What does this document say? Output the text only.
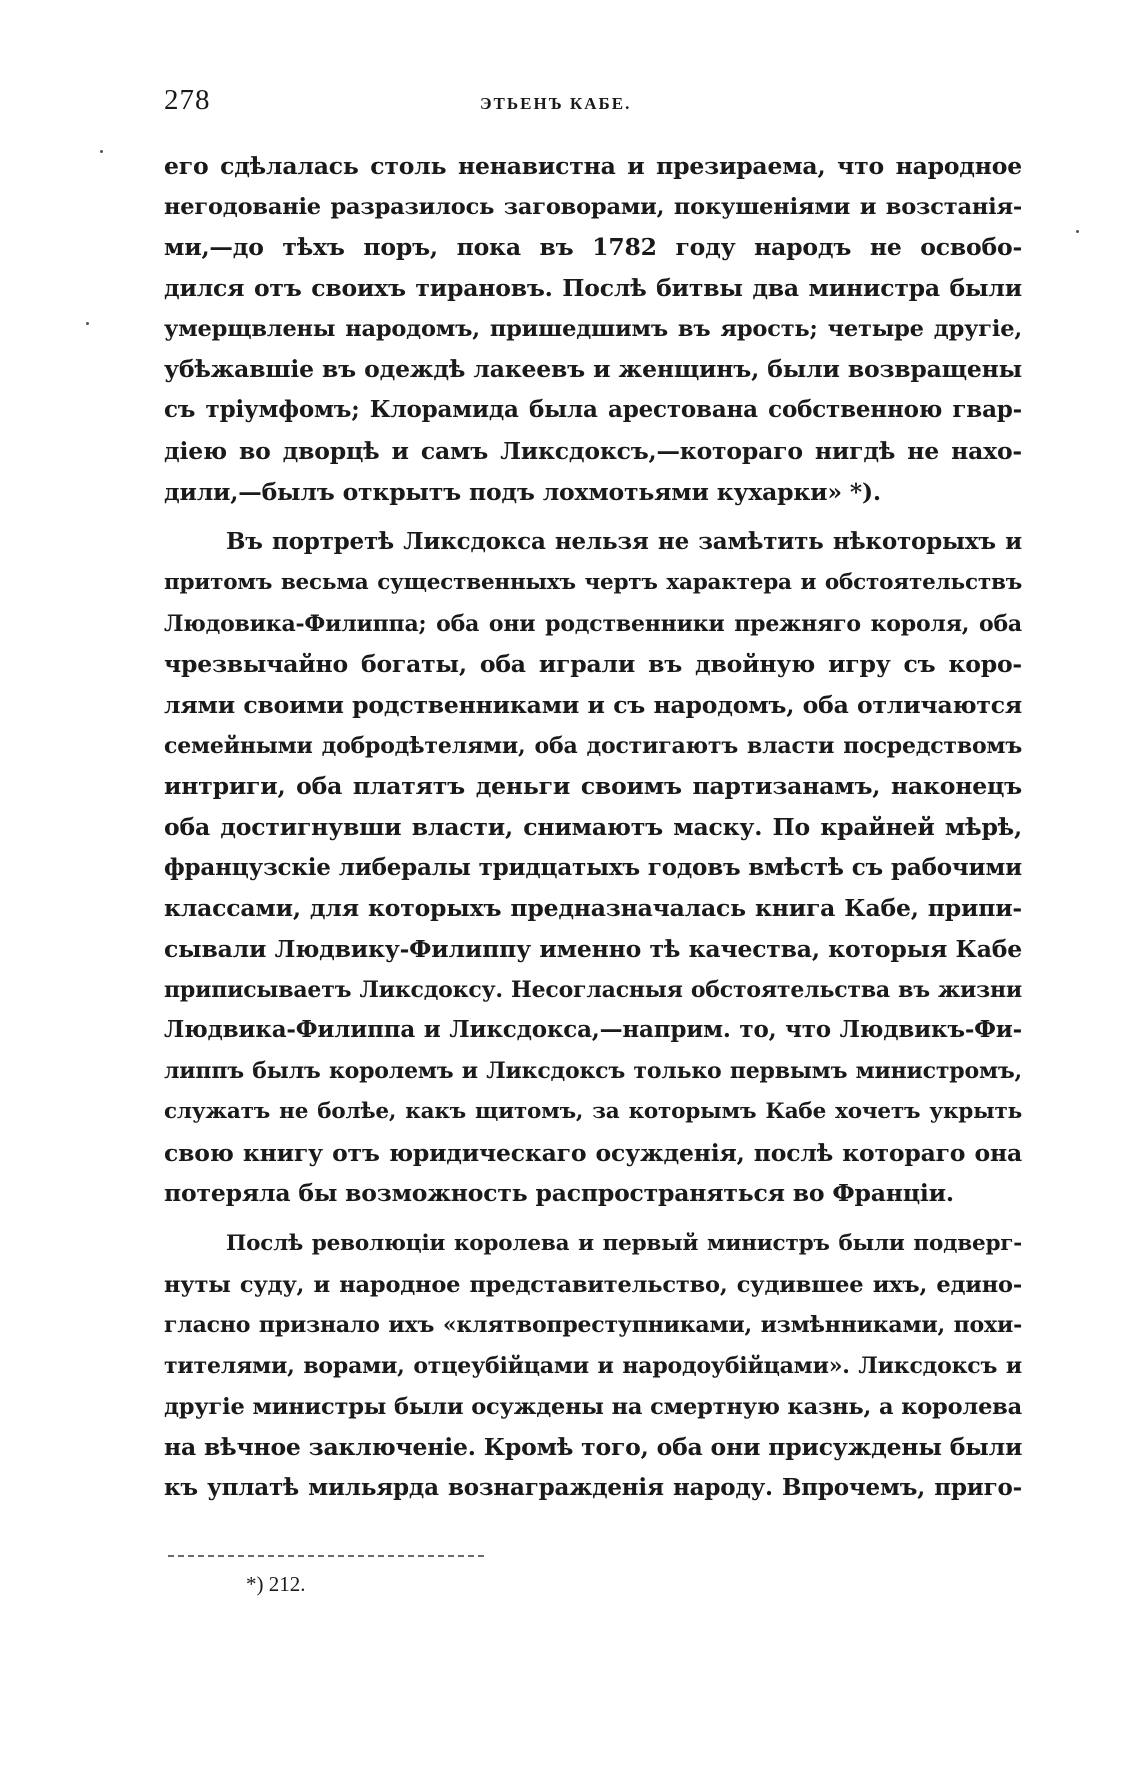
278	ЭТЬЕНЪ КАБЕ.
его сдѣлалась столь ненавистна и презираема, что народное
негодованіе разразилось заговорами, покушеніями и возстанія-
ми,—до тѣхъ поръ, пока въ 1782 году народъ не освобо-
дился отъ своихъ тирановъ. Послѣ битвы два министра были
умерщвлены народомъ, пришедшимъ въ ярость; четыре другіе,
убѣжавшіе въ одеждѣ лакеевъ и женщинъ, были возвращены
съ тріумфомъ; Клорамида была арестована собственною гвар-
діею во дворцѣ и самъ Ликсдоксъ,—котораго нигдѣ не нахо-
дили,—былъ открытъ подъ лохмотьями кухарки» *).
Въ портретѣ Ликсдокса нельзя не замѣтить нѣкоторыхъ и
притомъ весьма существенныхъ чертъ характера и обстоятельствъ
Людовика-Филиппа; оба они родственники прежняго короля, оба
чрезвычайно богаты, оба играли въ двойную игру съ коро-
лями своими родственниками и съ народомъ, оба отличаются
семейными добродѣтелями, оба достигаютъ власти посредствомъ
интриги, оба платятъ деньги своимъ партизанамъ, наконецъ
оба достигнувши власти, снимаютъ маску. По крайней мѣрѣ,
французскіе либералы тридцатыхъ годовъ вмѣстѣ съ рабочими
классами, для которыхъ предназначалась книга Кабе, припи-
сывали Людвику-Филиппу именно тѣ качества, которыя Кабе
приписываетъ Ликсдоксу. Несогласныя обстоятельства въ жизни
Людвика-Филиппа и Ликсдокса,—наприм. то, что Людвикъ-Фи-
липпъ былъ королемъ и Ликсдоксъ только первымъ министромъ,
служатъ не болѣе, какъ щитомъ, за которымъ Кабе хочетъ укрыть
свою книгу отъ юридическаго осужденія, послѣ котораго она
потеряла бы возможность распространяться во Франціи.
Послѣ революціи королева и первый министръ были подверг-
нуты суду, и народное представительство, судившее ихъ, едино-
гласно признало ихъ «клятвопреступниками, измѣнниками, похи-
тителями, ворами, отцеубійцами и народоубійцами». Ликсдоксъ и
другіе министры были осуждены на смертную казнь, а королева
на вѣчное заключеніе. Кромѣ того, оба они присуждены были
къ уплатѣ мильярда вознагражденія народу. Впрочемъ, приго-
*) 212.
